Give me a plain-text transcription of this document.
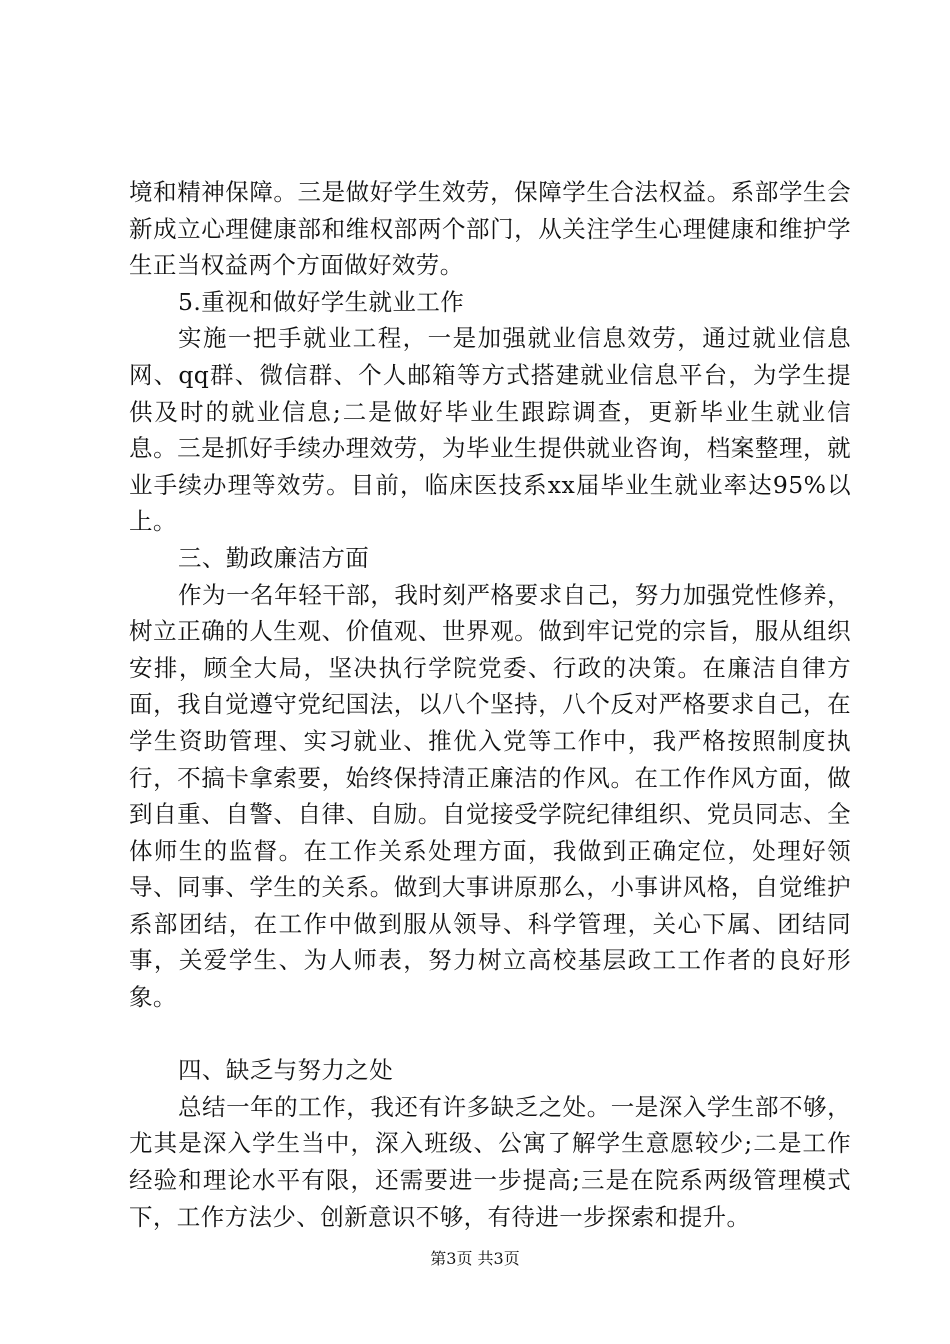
境和精神保障。三是做好学生效劳，保障学生合法权益。系部学生会新成立心理健康部和维权部两个部门，从关注学生心理健康和维护学生正当权益两个方面做好效劳。

5.重视和做好学生就业工作

实施一把手就业工程，一是加强就业信息效劳，通过就业信息网、qq群、微信群、个人邮箱等方式搭建就业信息平台，为学生提供及时的就业信息;二是做好毕业生跟踪调查，更新毕业生就业信息。三是抓好手续办理效劳，为毕业生提供就业咨询，档案整理，就业手续办理等效劳。目前，临床医技系xx届毕业生就业率达95%以上。

三、勤政廉洁方面

作为一名年轻干部，我时刻严格要求自己，努力加强党性修养，树立正确的人生观、价值观、世界观。做到牢记党的宗旨，服从组织安排，顾全大局，坚决执行学院党委、行政的决策。在廉洁自律方面，我自觉遵守党纪国法，以八个坚持，八个反对严格要求自己，在学生资助管理、实习就业、推优入党等工作中，我严格按照制度执行，不搞卡拿索要，始终保持清正廉洁的作风。在工作作风方面，做到自重、自警、自律、自励。自觉接受学院纪律组织、党员同志、全体师生的监督。在工作关系处理方面，我做到正确定位，处理好领导、同事、学生的关系。做到大事讲原那么，小事讲风格，自觉维护系部团结，在工作中做到服从领导、科学管理，关心下属、团结同事，关爱学生、为人师表，努力树立高校基层政工工作者的良好形象。

四、缺乏与努力之处

总结一年的工作，我还有许多缺乏之处。一是深入学生部不够，尤其是深入学生当中，深入班级、公寓了解学生意愿较少;二是工作经验和理论水平有限，还需要进一步提高;三是在院系两级管理模式下，工作方法少、创新意识不够，有待进一步探索和提升。

第3页 共3页
